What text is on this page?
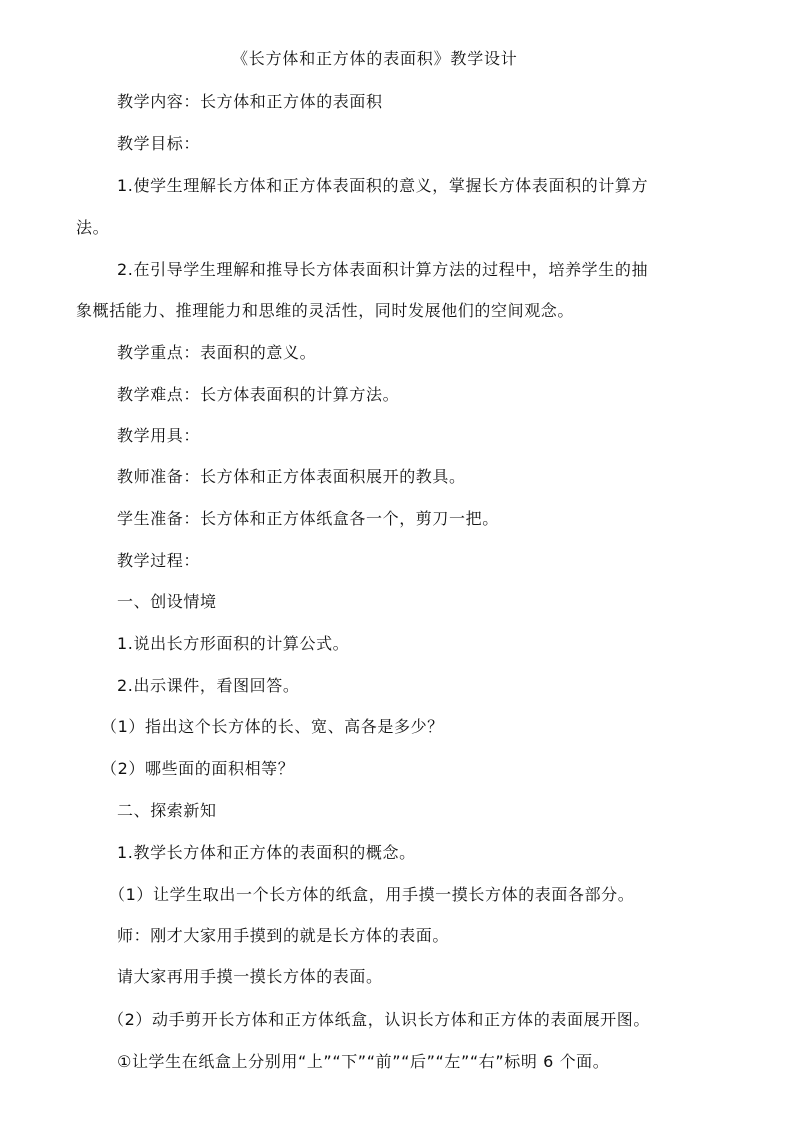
《长方体和正方体的表面积》教学设计
教学内容：长方体和正方体的表面积
教学目标：
1.使学生理解长方体和正方体表面积的意义，掌握长方体表面积的计算方
法。
2.在引导学生理解和推导长方体表面积计算方法的过程中，培养学生的抽
象概括能力、推理能力和思维的灵活性，同时发展他们的空间观念。
教学重点：表面积的意义。
教学难点：长方体表面积的计算方法。
教学用具：
教师准备：长方体和正方体表面积展开的教具。
学生准备：长方体和正方体纸盒各一个，剪刀一把。
教学过程：
一、创设情境
1.说出长方形面积的计算公式。
2.出示课件，看图回答。
（1）指出这个长方体的长、宽、高各是多少？
（2）哪些面的面积相等？
二、探索新知
1.教学长方体和正方体的表面积的概念。
（1）让学生取出一个长方体的纸盒，用手摸一摸长方体的表面各部分。
师：刚才大家用手摸到的就是长方体的表面。
请大家再用手摸一摸长方体的表面。
（2）动手剪开长方体和正方体纸盒，认识长方体和正方体的表面展开图。
①让学生在纸盒上分别用“上”“下”“前”“后”“左”“右”标明 6 个面。
